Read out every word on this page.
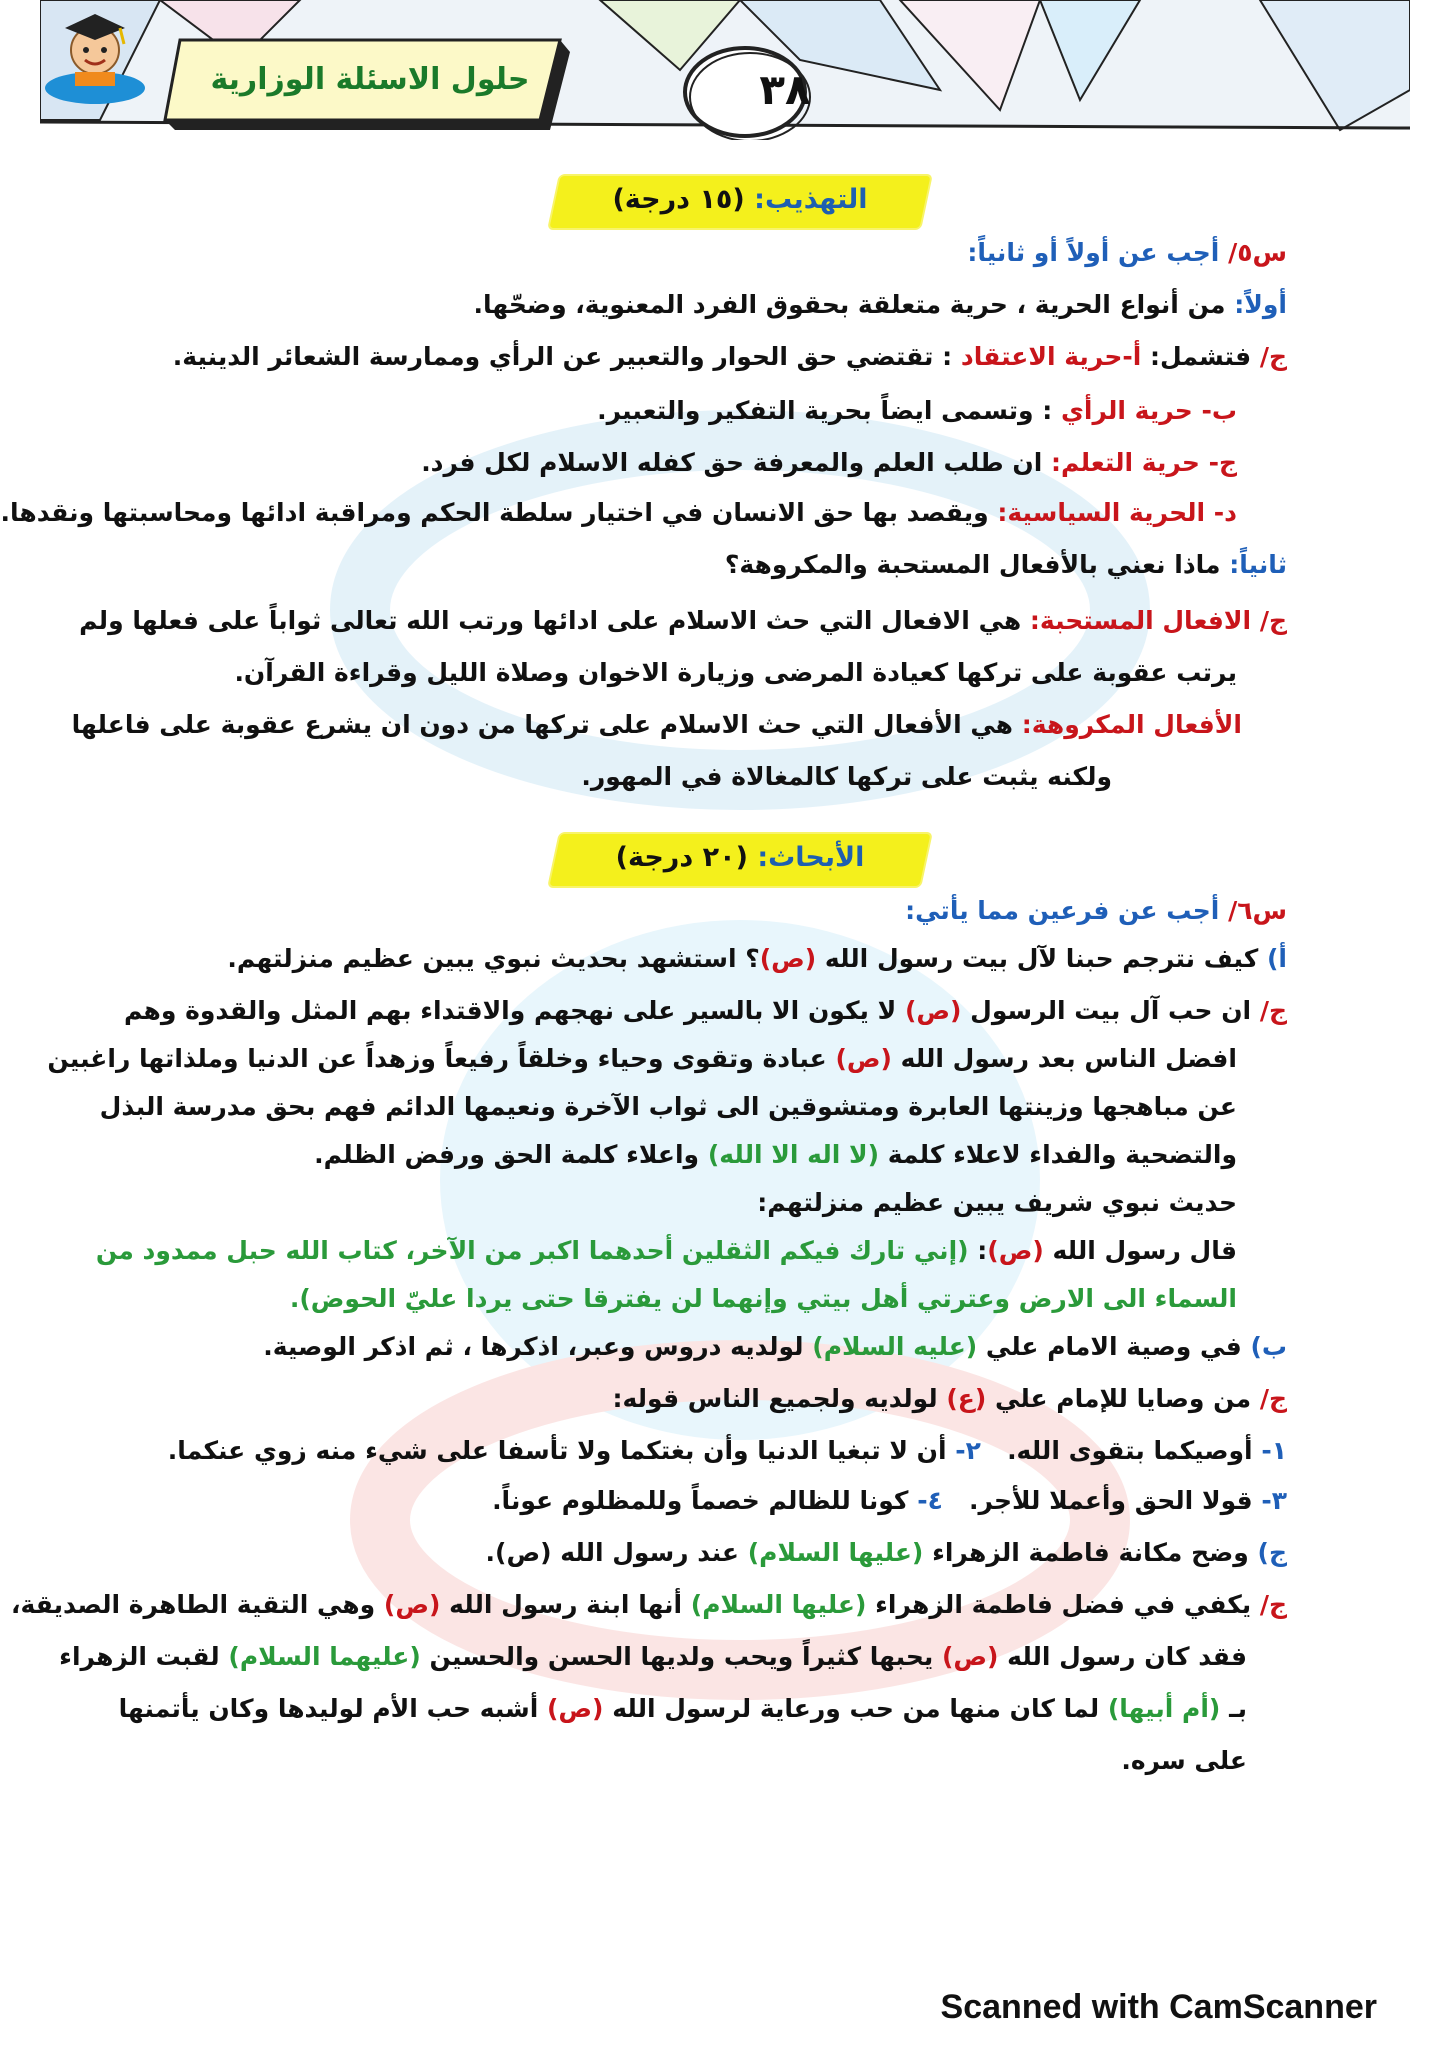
حلول الاسئلة الوزارية	٣٨
التهذيب: (١٥ درجة)
س٥/ أجب عن أولاً أو ثانياً:
أولاً: من أنواع الحرية ، حرية متعلقة بحقوق الفرد المعنوية، وضحّها.
ج/ فتشمل: أ-حرية الاعتقاد : تقتضي حق الحوار والتعبير عن الرأي وممارسة الشعائر الدينية.
ب- حرية الرأي : وتسمى ايضاً بحرية التفكير والتعبير.
ج- حرية التعلم: ان طلب العلم والمعرفة حق كفله الاسلام لكل فرد.
د- الحرية السياسية: ويقصد بها حق الانسان في اختيار سلطة الحكم ومراقبة ادائها ومحاسبتها ونقدها.
ثانياً: ماذا نعني بالأفعال المستحبة والمكروهة؟
ج/ الافعال المستحبة: هي الافعال التي حث الاسلام على ادائها ورتب الله تعالى ثواباً على فعلها ولم
يرتب عقوبة على تركها كعيادة المرضى وزيارة الاخوان وصلاة الليل وقراءة القرآن.
الأفعال المكروهة: هي الأفعال التي حث الاسلام على تركها من دون ان يشرع عقوبة على فاعلها
ولكنه يثبت على تركها كالمغالاة في المهور.
الأبحاث: (٢٠ درجة)
س٦/ أجب عن فرعين مما يأتي:
أ) كيف نترجم حبنا لآل بيت رسول الله (ص)؟ استشهد بحديث نبوي يبين عظيم منزلتهم.
ج/ ان حب آل بيت الرسول (ص) لا يكون الا بالسير على نهجهم والاقتداء بهم المثل والقدوة وهم
افضل الناس بعد رسول الله (ص) عبادة وتقوى وحياء وخلقاً رفيعاً وزهداً عن الدنيا وملذاتها راغبين
عن مباهجها وزينتها العابرة ومتشوقين الى ثواب الآخرة ونعيمها الدائم فهم بحق مدرسة البذل
والتضحية والفداء لاعلاء كلمة (لا اله الا الله) واعلاء كلمة الحق ورفض الظلم.
حديث نبوي شريف يبين عظيم منزلتهم:
قال رسول الله (ص): (إني تارك فيكم الثقلين أحدهما اكبر من الآخر، كتاب الله حبل ممدود من
السماء الى الارض وعترتي أهل بيتي وإنهما لن يفترقا حتى يردا عليّ الحوض).
ب) في وصية الامام علي (عليه السلام) لولديه دروس وعبر، اذكرها ، ثم اذكر الوصية.
ج/ من وصايا للإمام علي (ع) لولديه ولجميع الناس قوله:
١- أوصيكما بتقوى الله.   ٢- أن لا تبغيا الدنيا وأن بغتكما ولا تأسفا على شيء منه زوي عنكما.
٣- قولا الحق وأعملا للأجر.   ٤- كونا للظالم خصماً وللمظلوم عوناً.
ج) وضح مكانة فاطمة الزهراء (عليها السلام) عند رسول الله (ص).
ج/ يكفي في فضل فاطمة الزهراء (عليها السلام) أنها ابنة رسول الله (ص) وهي التقية الطاهرة الصديقة،
فقد كان رسول الله (ص) يحبها كثيراً ويحب ولديها الحسن والحسين (عليهما السلام) لقبت الزهراء
بـ (أم أبيها) لما كان منها من حب ورعاية لرسول الله (ص) أشبه حب الأم لوليدها وكان يأتمنها
على سره.
Scanned with CamScanner
